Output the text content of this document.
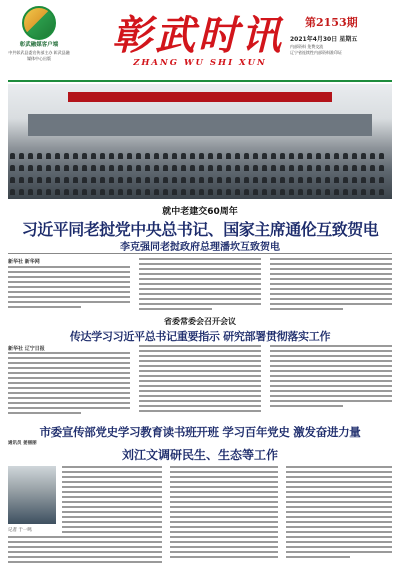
彰武融媒客户端
中共彰武县委宣传部主办 彰武县融媒体中心出版	彰武时讯
ZHANG WU SHI XUN
第2153期
2021年4月30日 星期五
内部资料 免费交流
辽宁省连续性内部资料准印证
就中老建交60周年
习近平同老挝党中央总书记、国家主席通伦互致贺电
李克强同老挝政府总理潘坎互致贺电
新华社 新华网
省委常委会召开会议
传达学习习近平总书记重要指示 研究部署贯彻落实工作
新华社 辽宁日报
市委宣传部党史学习教育读书班开班 学习百年党史 激发奋进力量
通讯员 姜丽丽
刘江文调研民生、生态等工作
记者 于一鸣
